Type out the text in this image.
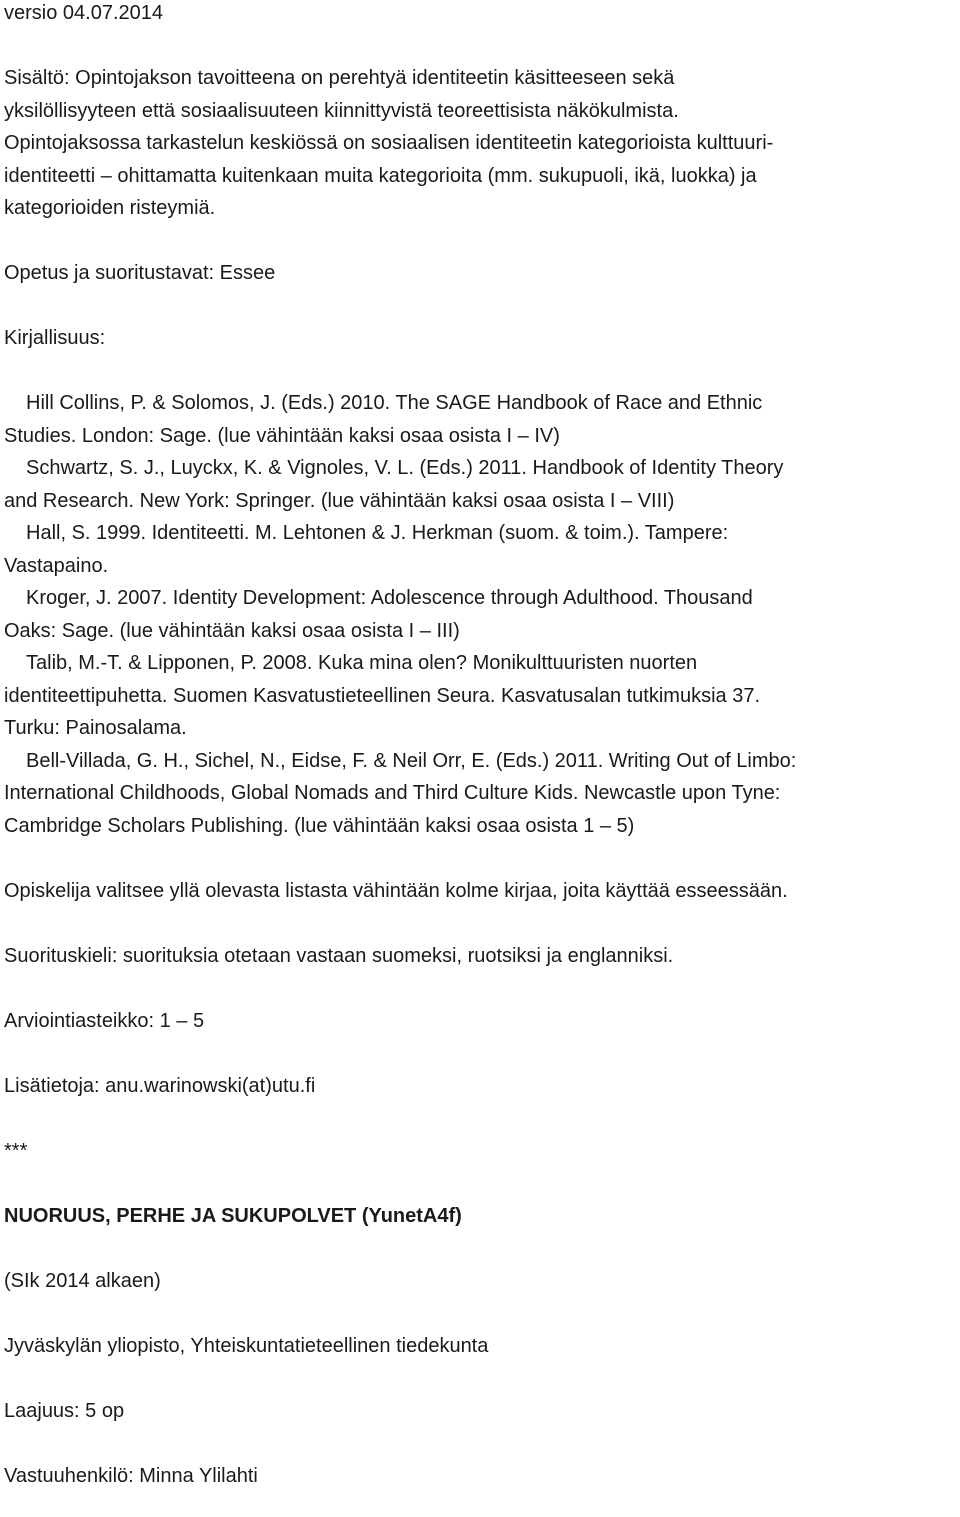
versio 04.07.2014
Sisältö: Opintojakson tavoitteena on perehtyä identiteetin käsitteeseen sekä
yksilöllisyyteen että sosiaalisuuteen kiinnittyvistä teoreettisista näkökulmista.
Opintojaksossa tarkastelun keskiössä on sosiaalisen identiteetin kategorioista kulttuuri-
identiteetti – ohittamatta kuitenkaan muita kategorioita (mm. sukupuoli, ikä, luokka) ja
kategorioiden risteymiä.
Opetus ja suoritustavat: Essee
Kirjallisuus:
Hill Collins, P. & Solomos, J. (Eds.) 2010. The SAGE Handbook of Race and Ethnic
Studies. London: Sage. (lue vähintään kaksi osaa osista I – IV)
Schwartz, S. J., Luyckx, K. & Vignoles, V. L. (Eds.) 2011. Handbook of Identity Theory
and Research. New York: Springer. (lue vähintään kaksi osaa osista I – VIII)
Hall, S. 1999. Identiteetti. M. Lehtonen & J. Herkman (suom. & toim.). Tampere:
Vastapaino.
Kroger, J. 2007. Identity Development: Adolescence through Adulthood. Thousand
Oaks: Sage. (lue vähintään kaksi osaa osista I – III)
Talib, M.-T. & Lipponen, P. 2008. Kuka mina olen? Monikulttuuristen nuorten
identiteettipuhetta. Suomen Kasvatustieteellinen Seura. Kasvatusalan tutkimuksia 37.
Turku: Painosalama.
Bell-Villada, G. H., Sichel, N., Eidse, F. & Neil Orr, E. (Eds.) 2011. Writing Out of Limbo:
International Childhoods, Global Nomads and Third Culture Kids. Newcastle upon Tyne:
Cambridge Scholars Publishing. (lue vähintään kaksi osaa osista 1 – 5)
Opiskelija valitsee yllä olevasta listasta vähintään kolme kirjaa, joita käyttää esseessään.
Suorituskieli: suorituksia otetaan vastaan suomeksi, ruotsiksi ja englanniksi.
Arviointiasteikko: 1 – 5
Lisätietoja: anu.warinowski(at)utu.fi
***
NUORUUS, PERHE JA SUKUPOLVET (YunetA4f)
(SIk 2014 alkaen)
Jyväskylän yliopisto, Yhteiskuntatieteellinen tiedekunta
Laajuus: 5 op
Vastuuhenkilö: Minna Ylilahti
